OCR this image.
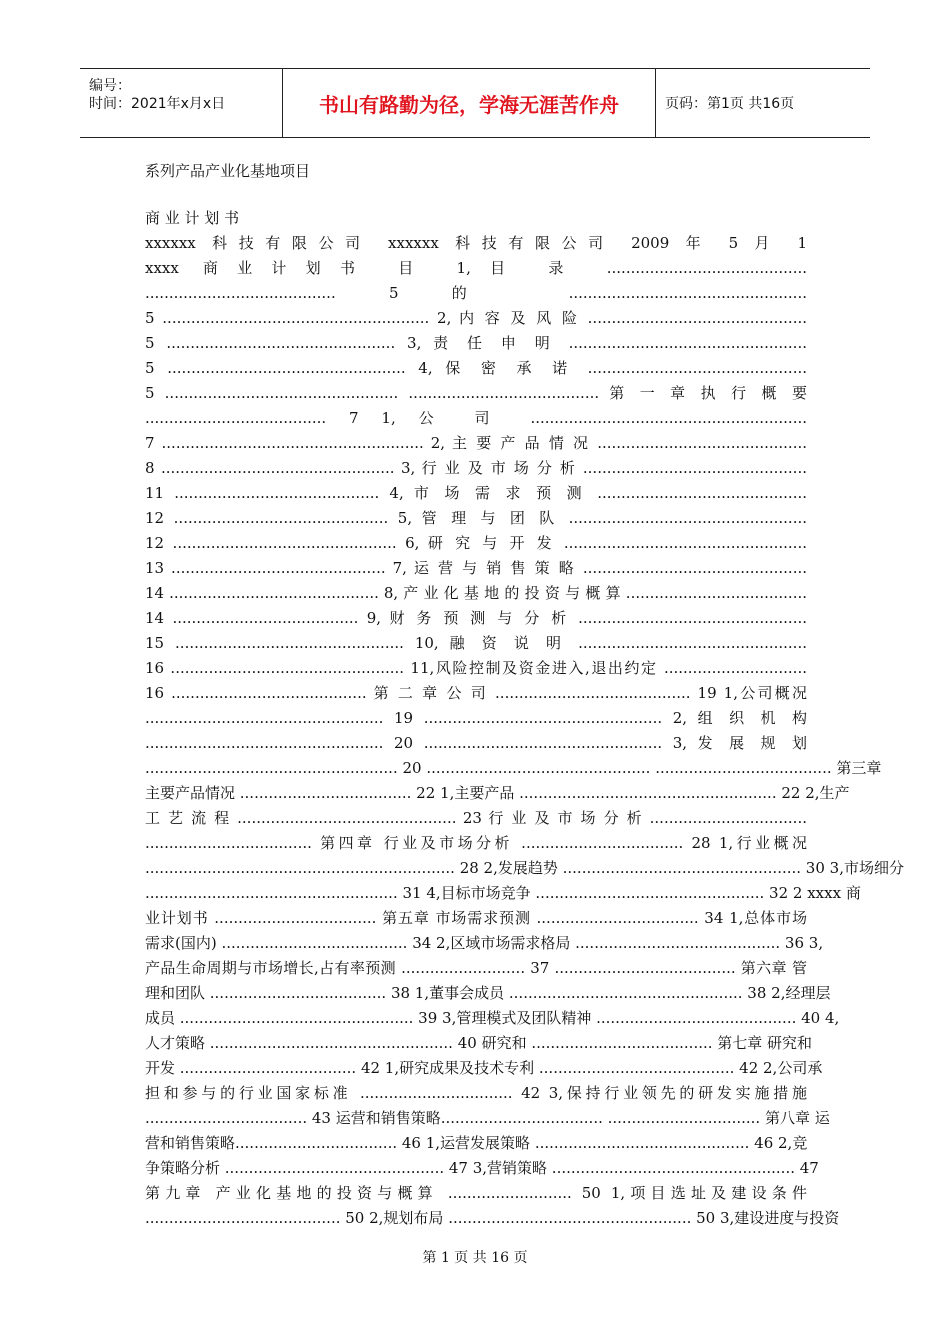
编号：
时间：2021年x月x日	书山有路勤为径，学海无涯苦作舟	页码：第1页 共16页
系列产品产业化基地项目
商 业 计 划 书
xxxxxx 科技有限公司 xxxxxx 科技有限公司 2009 年 5 月 1
xxxx 商业计划书 目 1,目 录 ..........................................
........................................ 5 的 ..................................................
5 ........................................................ 2, 内 容 及 风 险 ..............................................
5 ................................................ 3, 责 任 申 明 ..................................................
5 .................................................. 4, 保 密 承 诺 ..............................................
5 ................................................. ........................................ 第 一 章 执 行 概 要
...................................... 7 1, 公 司 ..........................................................
7 ....................................................... 2, 主 要 产 品 情 况 ............................................
8 ................................................. 3, 行 业 及 市 场 分 析 ...............................................
11 ........................................... 4, 市 场 需 求 预 测 ............................................
12 ............................................. 5, 管 理 与 团 队 ..................................................
12 ............................................... 6, 研 究 与 开 发 ...................................................
13 ............................................. 7, 运 营 与 销 售 策 略 ...............................................
14 ............................................ 8, 产 业 化 基 地 的 投 资 与 概 算 ......................................
14 ....................................... 9, 财 务 预 测 与 分 析 ................................................
15 ................................................ 10, 融 资 说 明 ................................................
16 ................................................. 11,风险控制及资金进入,退出约定 ..............................
16 ......................................... 第 二 章 公 司 ......................................... 19 1,公司概况
.................................................. 19 .................................................. 2, 组 织 机 构
.................................................. 20 .................................................. 3, 发 展 规 划
..................................................... 20 ............................................... ..................................... 第三章
主要产品情况 .................................... 22 1,主要产品 ...................................................... 22 2,生产
工 艺 流 程 .............................................. 23 行 业 及 市 场 分 析 .................................
................................... 第四章 行业及市场分析 .................................. 28 1,行业概况
................................................................. 28 2,发展趋势 .................................................. 30 3,市场细分
..................................................... 31 4,目标市场竞争 ................................................ 32 2 xxxx 商
业计划书 .................................. 第五章 市场需求预测 .................................. 34 1,总体市场
需求(国内) ....................................... 34 2,区域市场需求格局 ........................................... 36 3,
产品生命周期与市场增长,占有率预测 .......................... 37 ...................................... 第六章 管
理和团队 ..................................... 38 1,董事会成员 ................................................. 38 2,经理层
成员 ................................................. 39 3,管理模式及团队精神 .......................................... 40 4,
人才策略 ................................................... 40 研究和 ...................................... 第七章 研究和
开发 ..................................... 42 1,研究成果及技术专利 ......................................... 42 2,公司承
担和参与的行业国家标准 ................................ 42 3,保持行业领先的研发实施措施
.................................. 43 运营和销售策略.................................. ................................ 第八章 运
营和销售策略.................................. 46 1,运营发展策略 ............................................. 46 2,竞
争策略分析 .............................................. 47 3,营销策略 ................................................... 47
第九章 产业化基地的投资与概算 .......................... 50 1,项目选址及建设条件
......................................... 50 2,规划布局 ................................................... 50 3,建设进度与投资
第 1 页 共 16 页
